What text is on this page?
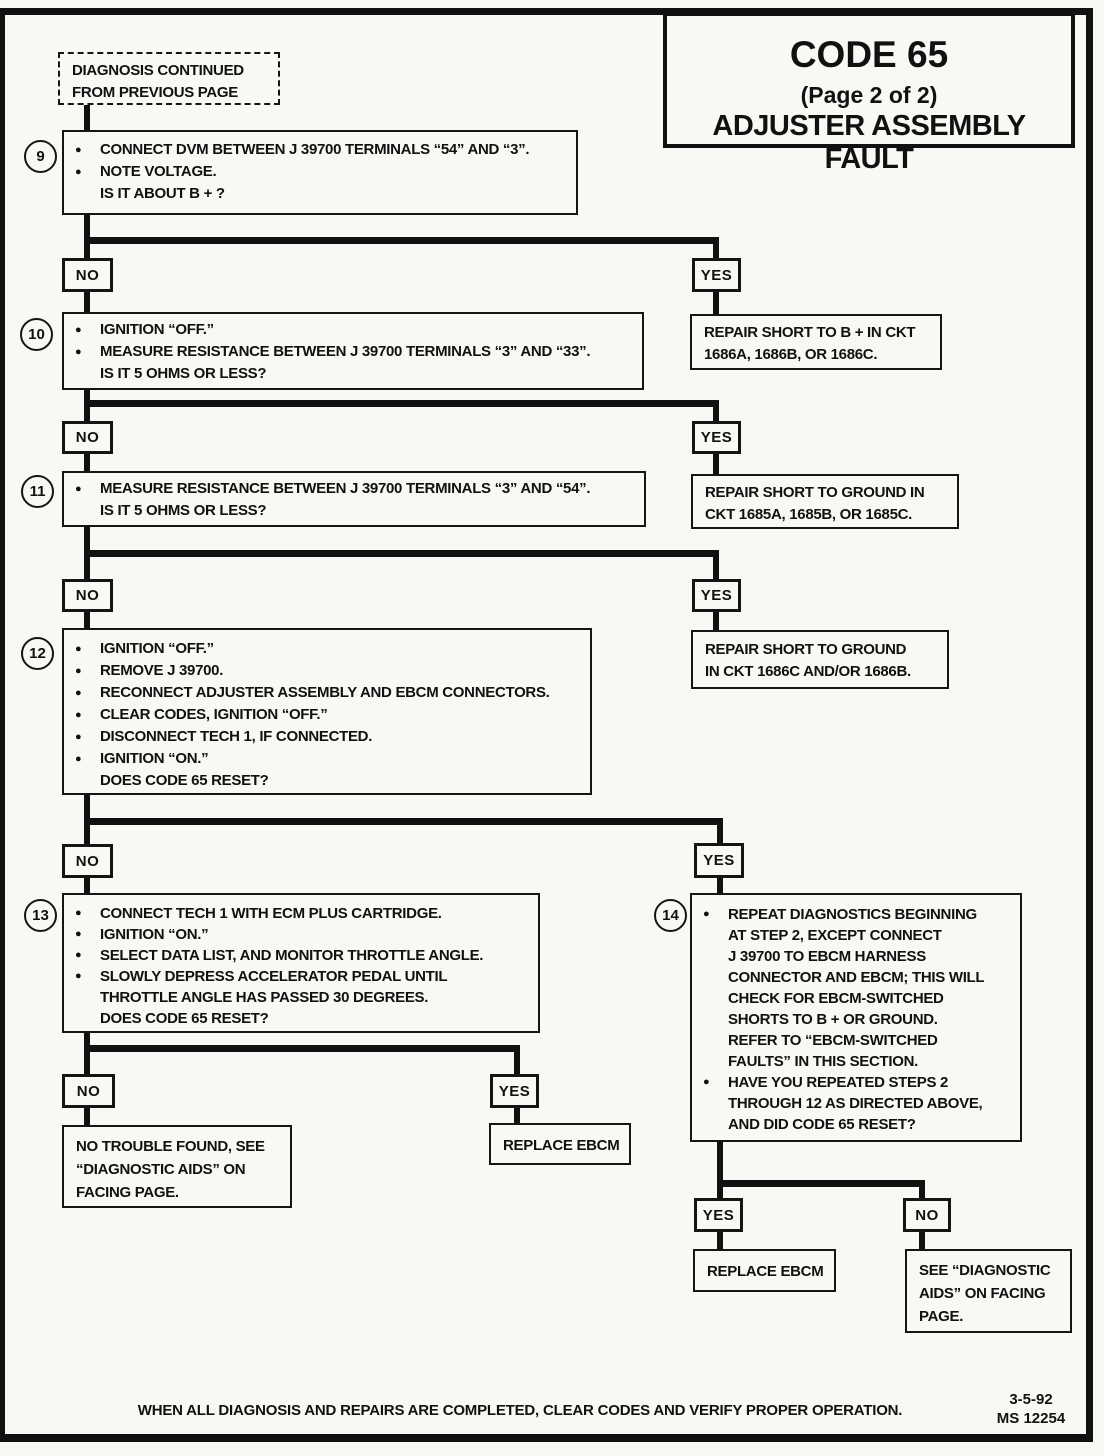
CODE 65
(Page 2 of 2)
ADJUSTER ASSEMBLY FAULT
DIAGNOSIS CONTINUED
FROM PREVIOUS PAGE
9	● CONNECT DVM BETWEEN J 39700 TERMINALS “54” AND “3”.
● NOTE VOLTAGE.
IS IT ABOUT B + ?
NO	YES
REPAIR SHORT TO B + IN CKT
1686A, 1686B, OR 1686C.
10	● IGNITION “OFF.”
● MEASURE RESISTANCE BETWEEN J 39700 TERMINALS “3” AND “33”.
IS IT 5 OHMS OR LESS?
NO	YES
REPAIR SHORT TO GROUND IN
CKT 1685A, 1685B, OR 1685C.
11	● MEASURE RESISTANCE BETWEEN J 39700 TERMINALS “3” AND “54”.
IS IT 5 OHMS OR LESS?
NO	YES
REPAIR SHORT TO GROUND
IN CKT 1686C AND/OR 1686B.
12	● IGNITION “OFF.”
● REMOVE J 39700.
● RECONNECT ADJUSTER ASSEMBLY AND EBCM CONNECTORS.
● CLEAR CODES, IGNITION “OFF.”
● DISCONNECT TECH 1, IF CONNECTED.
● IGNITION “ON.”
DOES CODE 65 RESET?
NO	YES
13 ● CONNECT TECH 1 WITH ECM PLUS CARTRIDGE.
● IGNITION “ON.”
● SELECT DATA LIST, AND MONITOR THROTTLE ANGLE.
● SLOWLY DEPRESS ACCELERATOR PEDAL UNTIL
THROTTLE ANGLE HAS PASSED 30 DEGREES.
DOES CODE 65 RESET?
14 ● REPEAT DIAGNOSTICS BEGINNING
AT STEP 2, EXCEPT CONNECT
J 39700 TO EBCM HARNESS
CONNECTOR AND EBCM; THIS WILL
CHECK FOR EBCM-SWITCHED
SHORTS TO B + OR GROUND.
REFER TO “EBCM-SWITCHED
FAULTS” IN THIS SECTION.
● HAVE YOU REPEATED STEPS 2
THROUGH 12 AS DIRECTED ABOVE,
AND DID CODE 65 RESET?
NO	YES
NO TROUBLE FOUND, SEE
“DIAGNOSTIC AIDS” ON
FACING PAGE.
REPLACE EBCM
YES	NO
REPLACE EBCM	SEE “DIAGNOSTIC
AIDS” ON FACING
PAGE.
WHEN ALL DIAGNOSIS AND REPAIRS ARE COMPLETED, CLEAR CODES AND VERIFY PROPER OPERATION.
3-5-92
MS 12254
